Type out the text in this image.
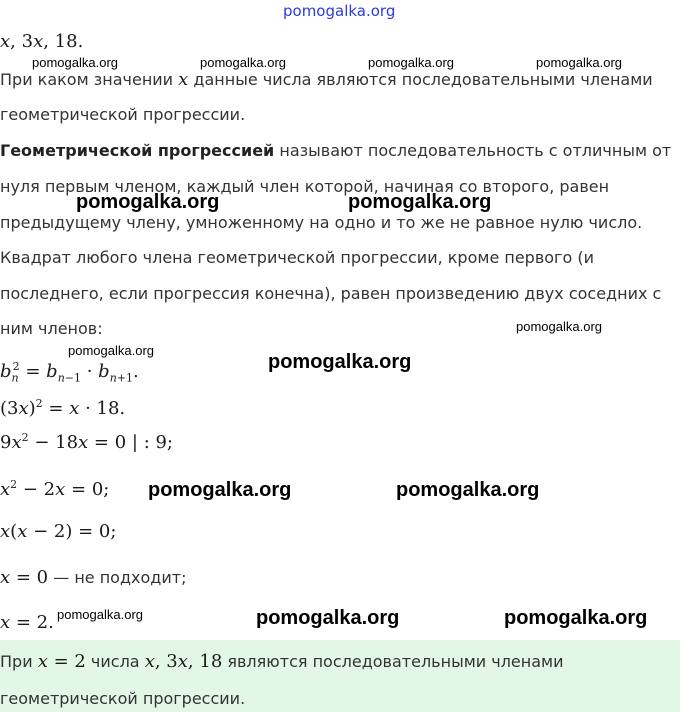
pomogalka.org
x, 3x, 18.
pomogalka.org	pomogalka.org	pomogalka.org	pomogalka.org
При каком значении x данные числа являются последовательными членами
геометрической прогрессии.
Геометрической прогрессией называют последовательность с отличным от
нуля первым членом, каждый член которой, начиная со второго, равен
предыдущему члену, умноженному на одно и то же не равное нулю число.
pomogalka.org	pomogalka.org
Квадрат любого члена геометрической прогрессии, кроме первого (и
последнего, если прогрессия конечна), равен произведению двух соседних с
ним членов:	pomogalka.org
pomogalka.org
pomogalka.org
$b_n^2 = b_{n-1} \cdot b_{n+1}$.
$(3x)^2 = x \cdot 18$.
$9x^2 - 18x = 0$ | : 9;
$x^2 - 2x = 0$; pomogalka.org	pomogalka.org
x(x − 2) = 0;
x = 0 — не подходит;
x = 2. pomogalka.org	pomogalka.org	pomogalka.org
При x = 2 числа x, 3x, 18 являются последовательными членами
геометрической прогрессии.
